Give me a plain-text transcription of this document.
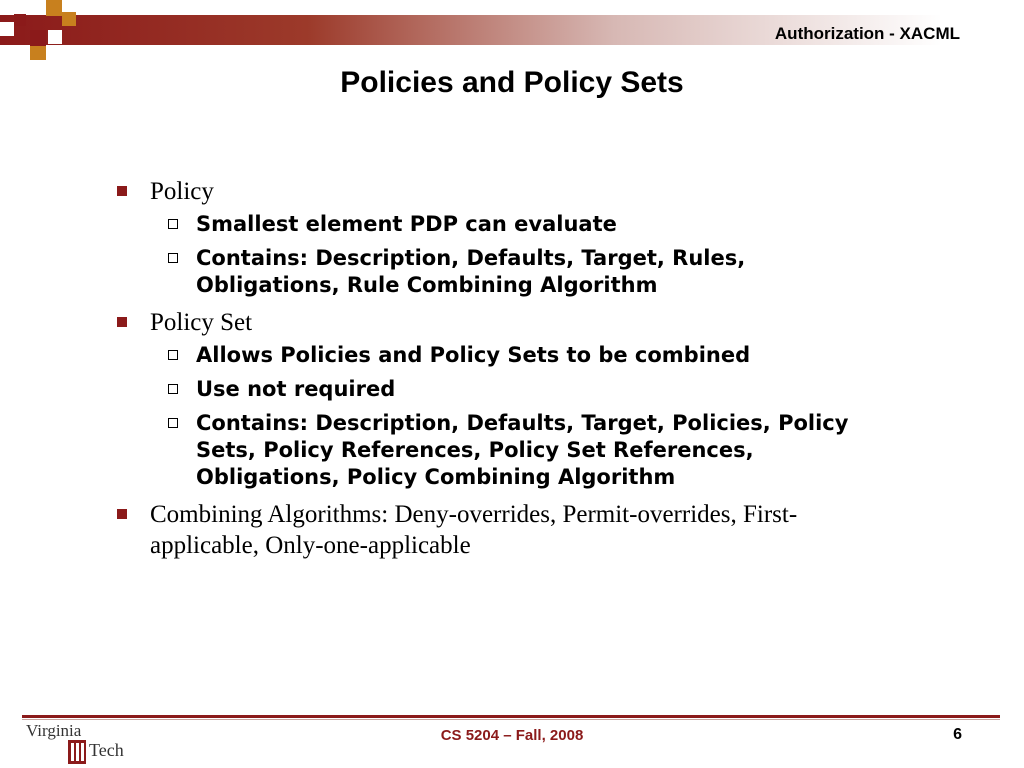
Authorization - XACML
Policies and Policy Sets
Policy
Smallest element PDP can evaluate
Contains: Description, Defaults, Target, Rules, Obligations, Rule Combining Algorithm
Policy Set
Allows Policies and Policy Sets to be combined
Use not required
Contains: Description, Defaults, Target, Policies, Policy Sets, Policy References, Policy Set References, Obligations, Policy Combining Algorithm
Combining Algorithms: Deny-overrides, Permit-overrides, First-applicable, Only-one-applicable
Virginia
Tech
CS 5204 – Fall, 2008	6
